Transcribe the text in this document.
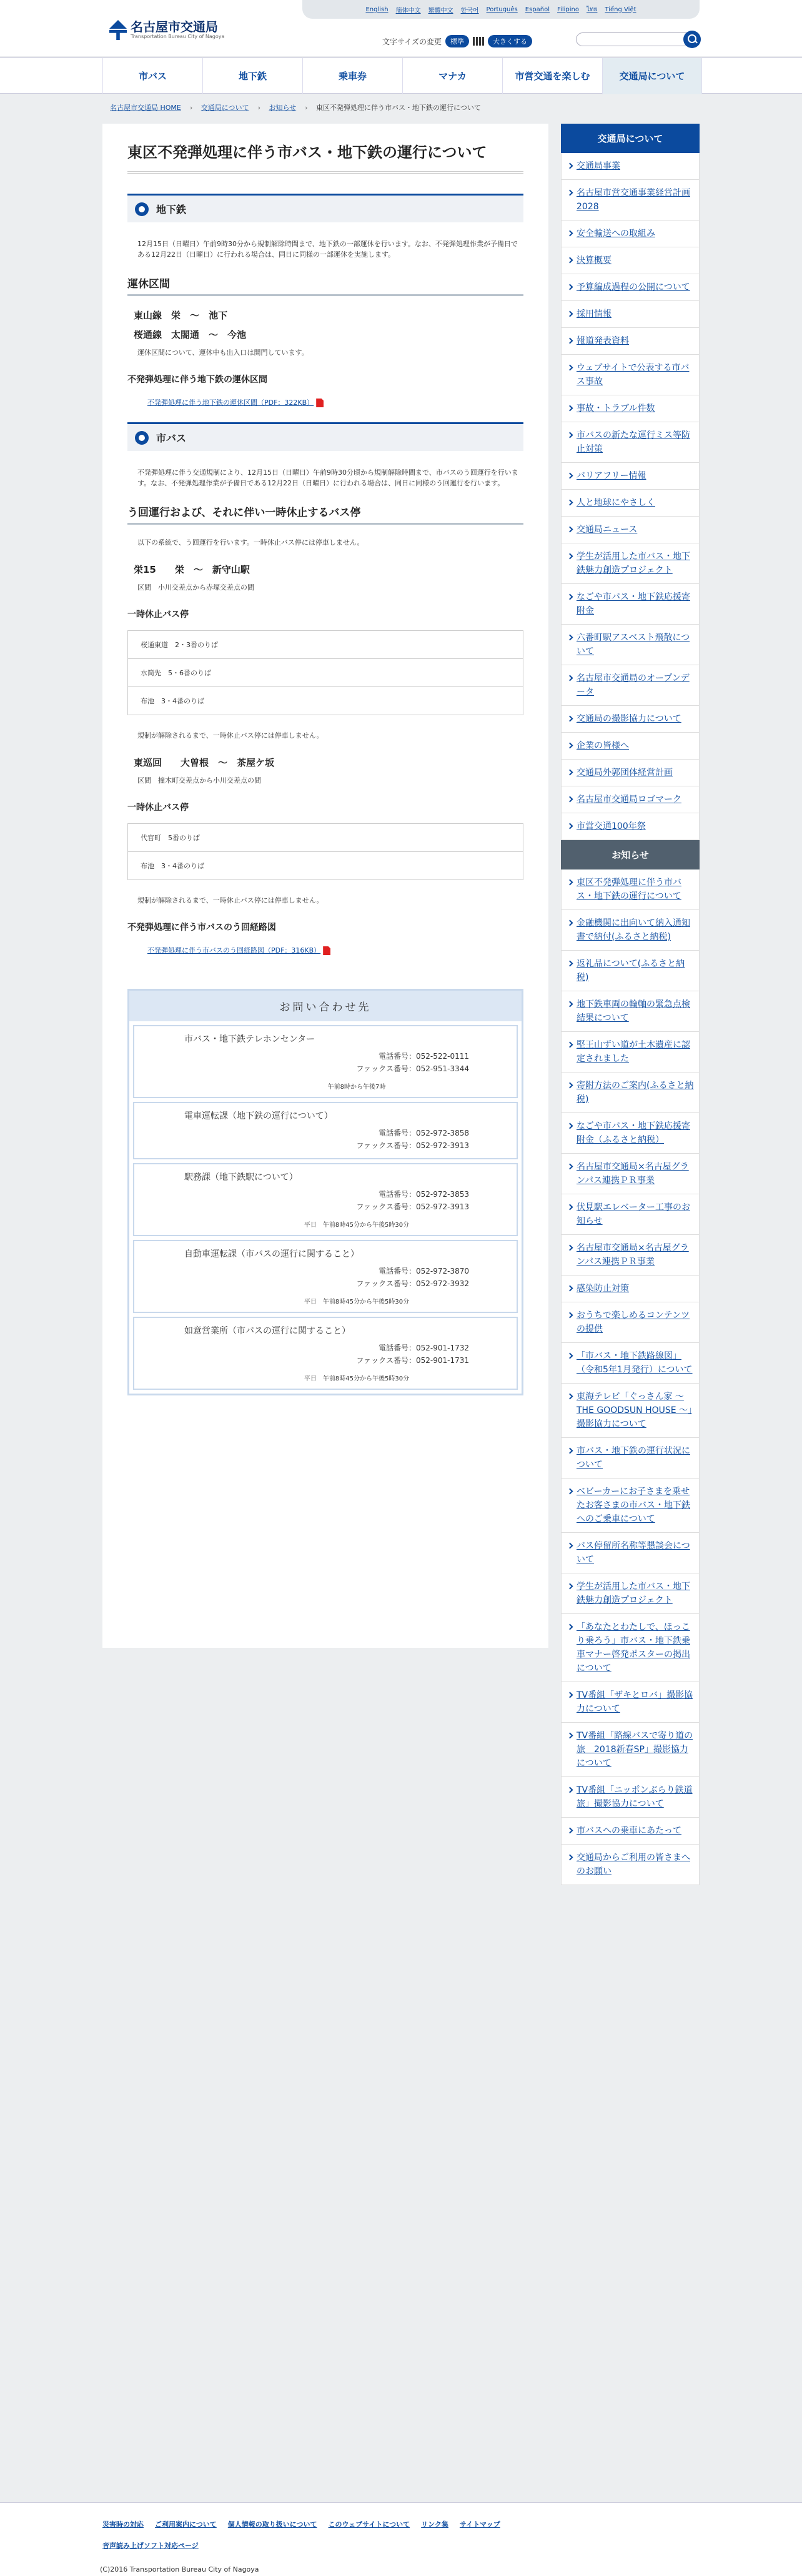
名古屋市交通局
Transportation Bureau City of Nagoya
English 簡体中文 繁體中文 한국어 Português Español Filipino ไทย Tiếng Việt
文字サイズの変更	標準	大きくする
市バス	地下鉄	乗車券	マナカ	市営交通を楽しむ	交通局について
名古屋市交通局 HOME › 交通局について › お知らせ › 東区不発弾処理に伴う市バス・地下鉄の運行について
東区不発弾処理に伴う市バス・地下鉄の運行について
地下鉄

12月15日（日曜日）午前9時30分から規制解除時間まで、地下鉄の一部運休を行います。なお、不発弾処理作業が予備日である12月22日（日曜日）に行われる場合は、同日に同様の一部運休を実施します。

運休区間
東山線　 栄　～　池下
桜通線　 太閤通　～　今池

運休区間について、運休中も出入口は開門しています。

不発弾処理に伴う地下鉄の運休区間
不発弾処理に伴う地下鉄の運休区間（PDF：322KB）
市バス

不発弾処理に伴う交通規制により、12月15日（日曜日）午前9時30分頃から規制解除時間まで、市バスのう回運行を行います。なお、不発弾処理作業が予備日である12月22日（日曜日）に行われる場合は、同日に同様のう回運行を行います。

う回運行および、それに伴い一時休止するバス停

以下の系統で、う回運行を行います。一時休止バス停には停車しません。

栄15　　 栄　～　新守山駅

区間　小川交差点から赤塚交差点の間

一時休止バス停
桜通東道　2・3番のりば
水筒先　5・6番のりば
布池　3・4番のりば

規制が解除されるまで、一時休止バス停には停車しません。

東巡回　　 大曽根　～　茶屋ケ坂

区間　撞木町交差点から小川交差点の間

一時休止バス停
代官町　5番のりば
布池　3・4番のりば

規制が解除されるまで、一時休止バス停には停車しません。

不発弾処理に伴う市バスのう回経路図
不発弾処理に伴う市バスのう回経路図（PDF：316KB）
お問い合わせ先
市バス・地下鉄テレホンセンター
電話番号：052-522-0111
ファックス番号：052-951-3344
午前8時から午後7時
電車運転課（地下鉄の運行について）
電話番号：052-972-3858
ファックス番号：052-972-3913
駅務課（地下鉄駅について）
電話番号：052-972-3853
ファックス番号：052-972-3913
平日　午前8時45分から午後5時30分
自動車運転課（市バスの運行に関すること）
電話番号：052-972-3870
ファックス番号：052-972-3932
平日　午前8時45分から午後5時30分
如意営業所（市バスの運行に関すること）
電話番号：052-901-1732
ファックス番号：052-901-1731
平日　午前8時45分から午後5時30分
交通局について
交通局事業
名古屋市営交通事業経営計画2028
安全輸送への取組み
決算概要
予算編成過程の公開について
採用情報
報道発表資料
ウェブサイトで公表する市バス事故
事故・トラブル件数
市バスの新たな運行ミス等防止対策
バリアフリー情報
人と地球にやさしく
交通局ニュース
学生が活用した市バス・地下鉄魅力創造プロジェクト
なごや市バス・地下鉄応援寄附金
六番町駅アスベスト飛散について
名古屋市交通局のオープンデータ
交通局の撮影協力について
企業の皆様へ
交通局外郭団体経営計画
名古屋市交通局ロゴマーク
市営交通100年祭
お知らせ
東区不発弾処理に伴う市バス・地下鉄の運行について
金融機関に出向いて納入通知書で納付(ふるさと納税)
返礼品について(ふるさと納税)
地下鉄車両の輪軸の緊急点検結果について
堅王山ずい道が土木遺産に認定されました
寄附方法のご案内(ふるさと納税)
なごや市バス・地下鉄応援寄附金（ふるさと納税）
名古屋市交通局×名古屋グランパス連携ＰＲ事業
伏見駅エレベーター工事のお知らせ
名古屋市交通局×名古屋グランパス連携ＰＲ事業
感染防止対策
おうちで楽しめるコンテンツの提供
「市バス・地下鉄路線図」（令和5年1月発行）について
東海テレビ「ぐっさん家 ～ THE GOODSUN HOUSE ～」撮影協力について
市バス・地下鉄の運行状況について
ベビーカーにお子さまを乗せたお客さまの市バス・地下鉄へのご乗車について
バス停留所名称等懇談会について
学生が活用した市バス・地下鉄魅力創造プロジェクト
「あなたとわたしで、ほっこり乗ろう」市バス・地下鉄乗車マナー啓発ポスターの掲出について
TV番組「ザキとロバ」撮影協力について
TV番組「路線バスで寄り道の旅　2018新春SP」撮影協力について
TV番組「ニッポンぶらり鉄道旅」撮影協力について
市バスへの乗車にあたって
交通局からご利用の皆さまへのお願い
災害時の対応 ご利用案内について 個人情報の取り扱いについて このウェブサイトについて リンク集 サイトマップ
音声読み上げソフト対応ページ
(C)2016 Transportation Bureau City of Nagoya
